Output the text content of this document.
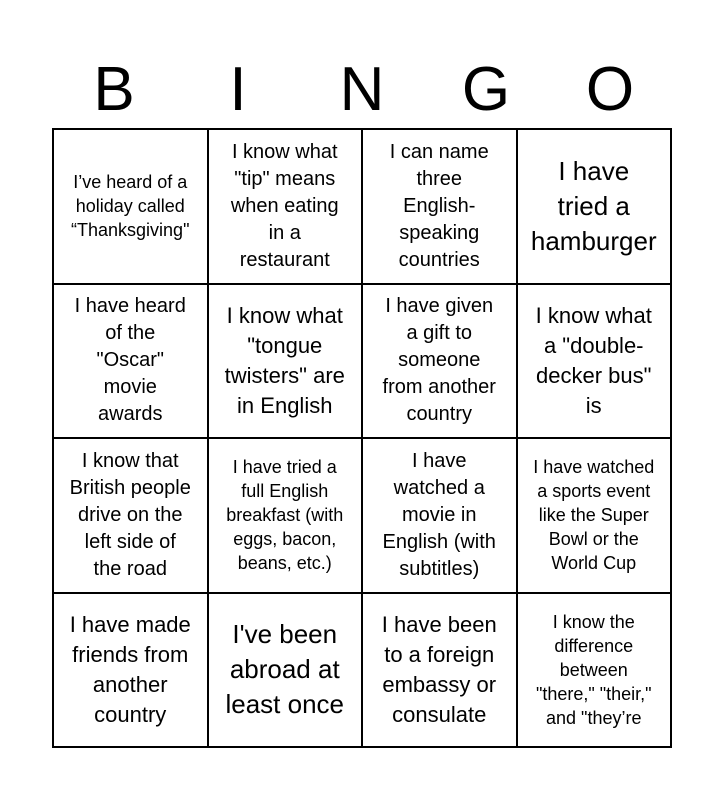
B	I	N	G	O
I’ve heard of a
holiday called
“Thanksgiving"
I know what
"tip" means
when eating
in a
restaurant
I can name
three
English-
speaking
countries
I have
tried a
hamburger
I have heard
of the
"Oscar"
movie
awards
I know what
"tongue
twisters" are
in English
I have given
a gift to
someone
from another
country
I know what
a "double-
decker bus"
is
I know that
British people
drive on the
left side of
the road
I have tried a
full English
breakfast (with
eggs, bacon,
beans, etc.)
I have
watched a
movie in
English (with
subtitles)
I have watched
a sports event
like the Super
Bowl or the
World Cup
I have made
friends from
another
country
I've been
abroad at
least once
I have been
to a foreign
embassy or
consulate
I know the
difference
between
"there," "their,"
and "they’re
